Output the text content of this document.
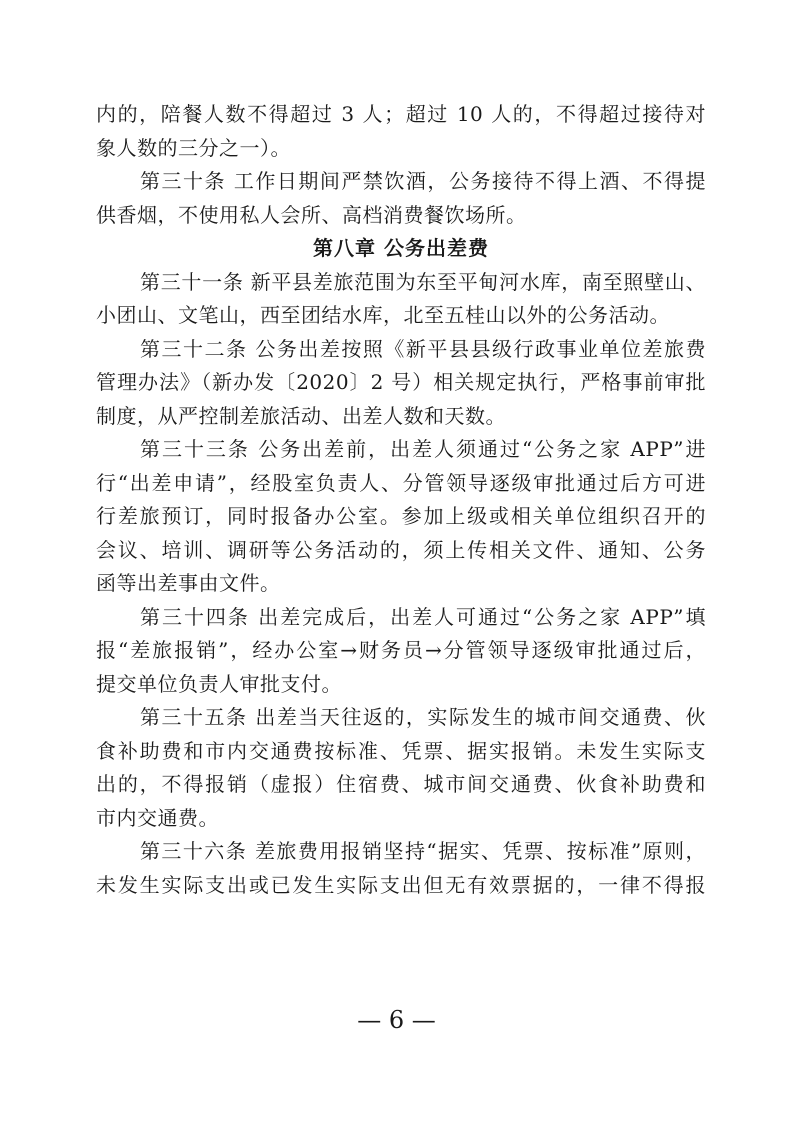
内的，陪餐人数不得超过 3 人；超过 10 人的，不得超过接待对
象人数的三分之一）。
第三十条 工作日期间严禁饮酒，公务接待不得上酒、不得提
供香烟，不使用私人会所、高档消费餐饮场所。
第八章 公务出差费
第三十一条 新平县差旅范围为东至平甸河水库，南至照壁山、
小团山、文笔山，西至团结水库，北至五桂山以外的公务活动。
第三十二条 公务出差按照《新平县县级行政事业单位差旅费
管理办法》（新办发〔2020〕2 号）相关规定执行，严格事前审批
制度，从严控制差旅活动、出差人数和天数。
第三十三条 公务出差前，出差人须通过“公务之家 APP”进
行“出差申请”，经股室负责人、分管领导逐级审批通过后方可进
行差旅预订，同时报备办公室。参加上级或相关单位组织召开的
会议、培训、调研等公务活动的，须上传相关文件、通知、公务
函等出差事由文件。
第三十四条 出差完成后，出差人可通过“公务之家 APP”填
报“差旅报销”，经办公室→财务员→分管领导逐级审批通过后，
提交单位负责人审批支付。
第三十五条 出差当天往返的，实际发生的城市间交通费、伙
食补助费和市内交通费按标准、凭票、据实报销。未发生实际支
出的，不得报销（虚报）住宿费、城市间交通费、伙食补助费和
市内交通费。
第三十六条 差旅费用报销坚持“据实、凭票、按标准”原则，
未发生实际支出或已发生实际支出但无有效票据的，一律不得报
— 6 —
